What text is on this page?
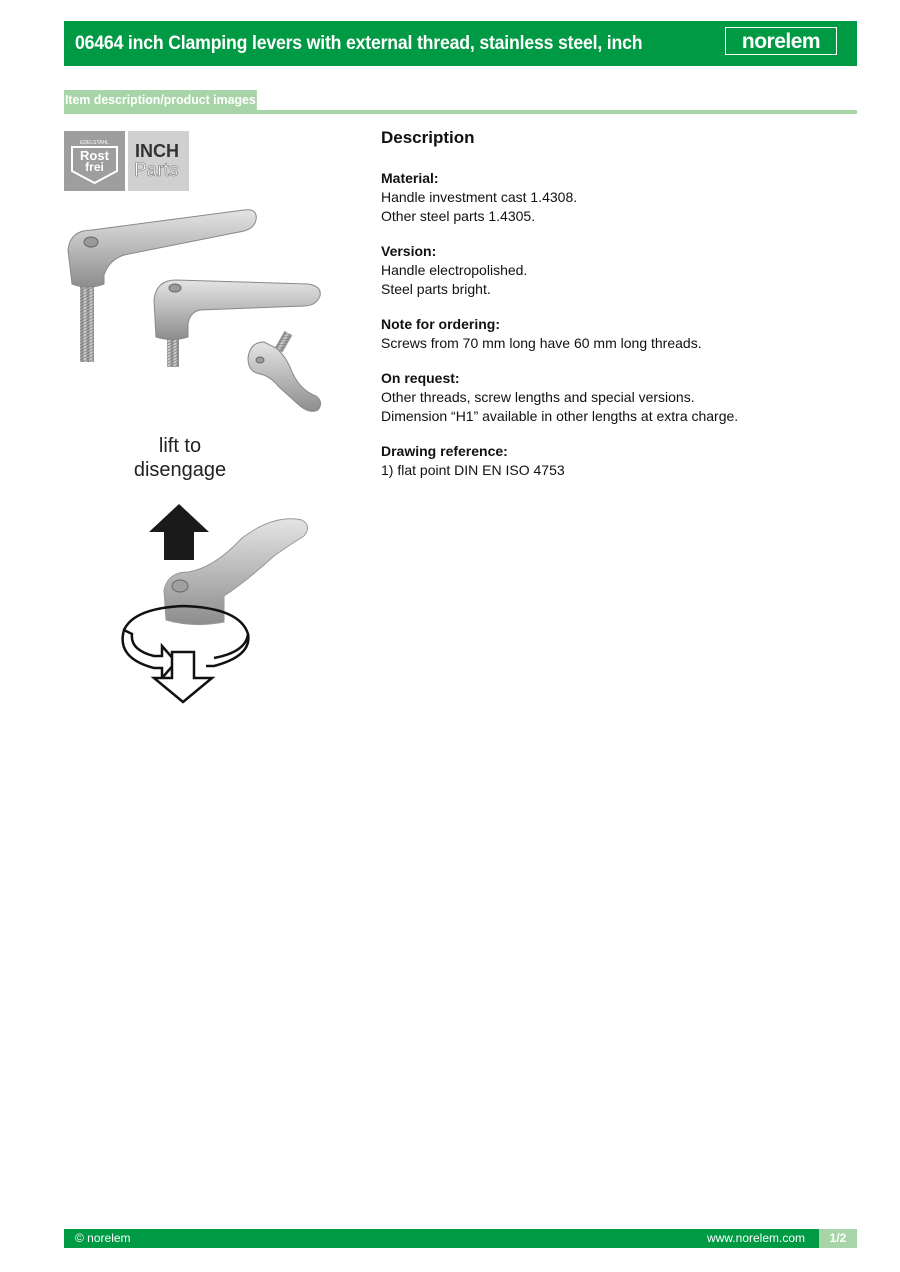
06464 inch Clamping levers with external thread, stainless steel, inch	norelem
Item description/product images
EDELSTAHL
Rost
frei
INCH
Parts
lift to
disengage
Description
Material:
Handle investment cast 1.4308.
Other steel parts 1.4305.
Version:
Handle electropolished.
Steel parts bright.
Note for ordering:
Screws from 70 mm long have 60 mm long threads.
On request:
Other threads, screw lengths and special versions.
Dimension “H1” available in other lengths at extra charge.
Drawing reference:
1) flat point DIN EN ISO 4753
© norelem	www.norelem.com	1/2
